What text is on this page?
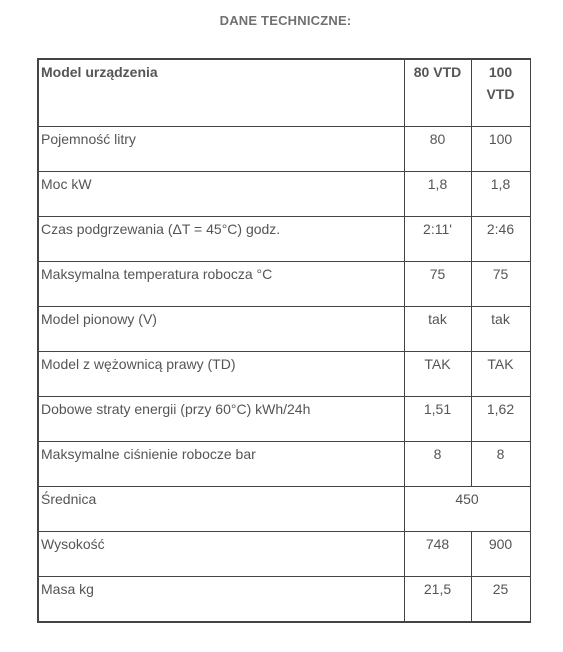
DANE TECHNICZNE:
Model urządzenia	80 VTD	100 VTD
Pojemność litry	80	100
Moc kW	1,8	1,8
Czas podgrzewania (ΔT = 45°C) godz.	2:11'	2:46
Maksymalna temperatura robocza °C	75	75
Model pionowy (V)	tak	tak
Model z wężownicą prawy (TD)	TAK	TAK
Dobowe straty energii (przy 60°C) kWh/24h	1,51	1,62
Maksymalne ciśnienie robocze bar	8	8
Średnica	450	
Wysokość	748	900
Masa kg	21,5	25
